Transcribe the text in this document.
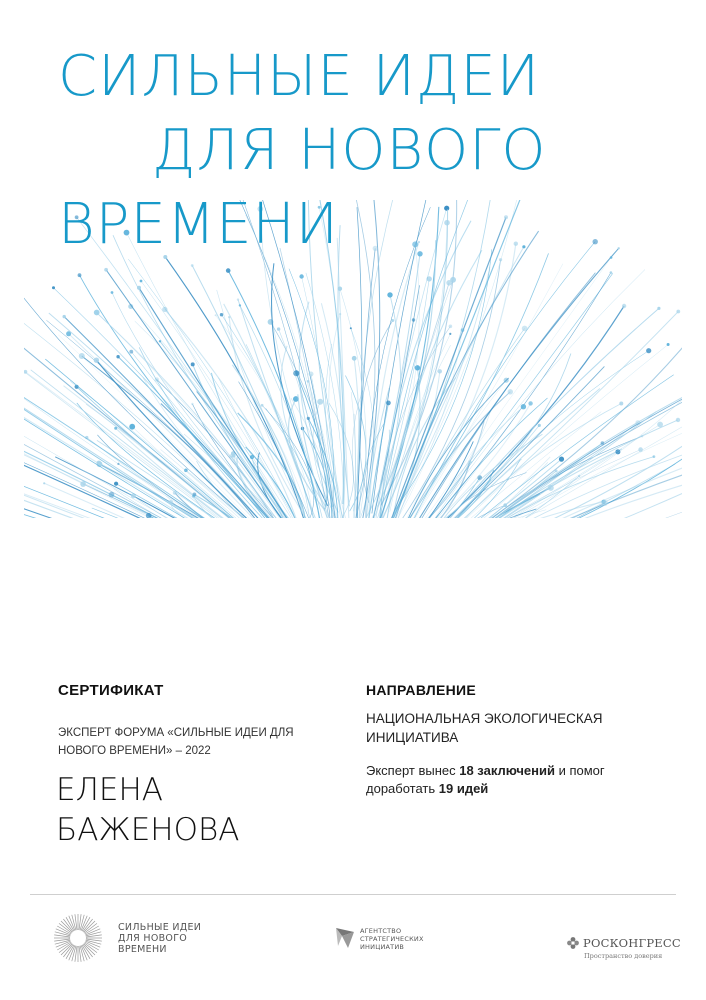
СИЛЬНЫЕ ИДЕИ
ДЛЯ НОВОГО
ВРЕМЕНИ
СЕРТИФИКАТ
ЭКСПЕРТ ФОРУМА «СИЛЬНЫЕ ИДЕИ ДЛЯ
НОВОГО ВРЕМЕНИ» – 2022
ЕЛЕНА
БАЖЕНОВА
НАПРАВЛЕНИЕ
НАЦИОНАЛЬНАЯ ЭКОЛОГИЧЕСКАЯ
ИНИЦИАТИВА
Эксперт вынес 18 заключений и помог
доработать 19 идей
СИЛЬНЫЕ ИДЕИ
ДЛЯ НОВОГО
ВРЕМЕНИ
АГЕНТСТВО
СТРАТЕГИЧЕСКИХ
ИНИЦИАТИВ	РОСКОНГРЕСС
Пространство доверия
